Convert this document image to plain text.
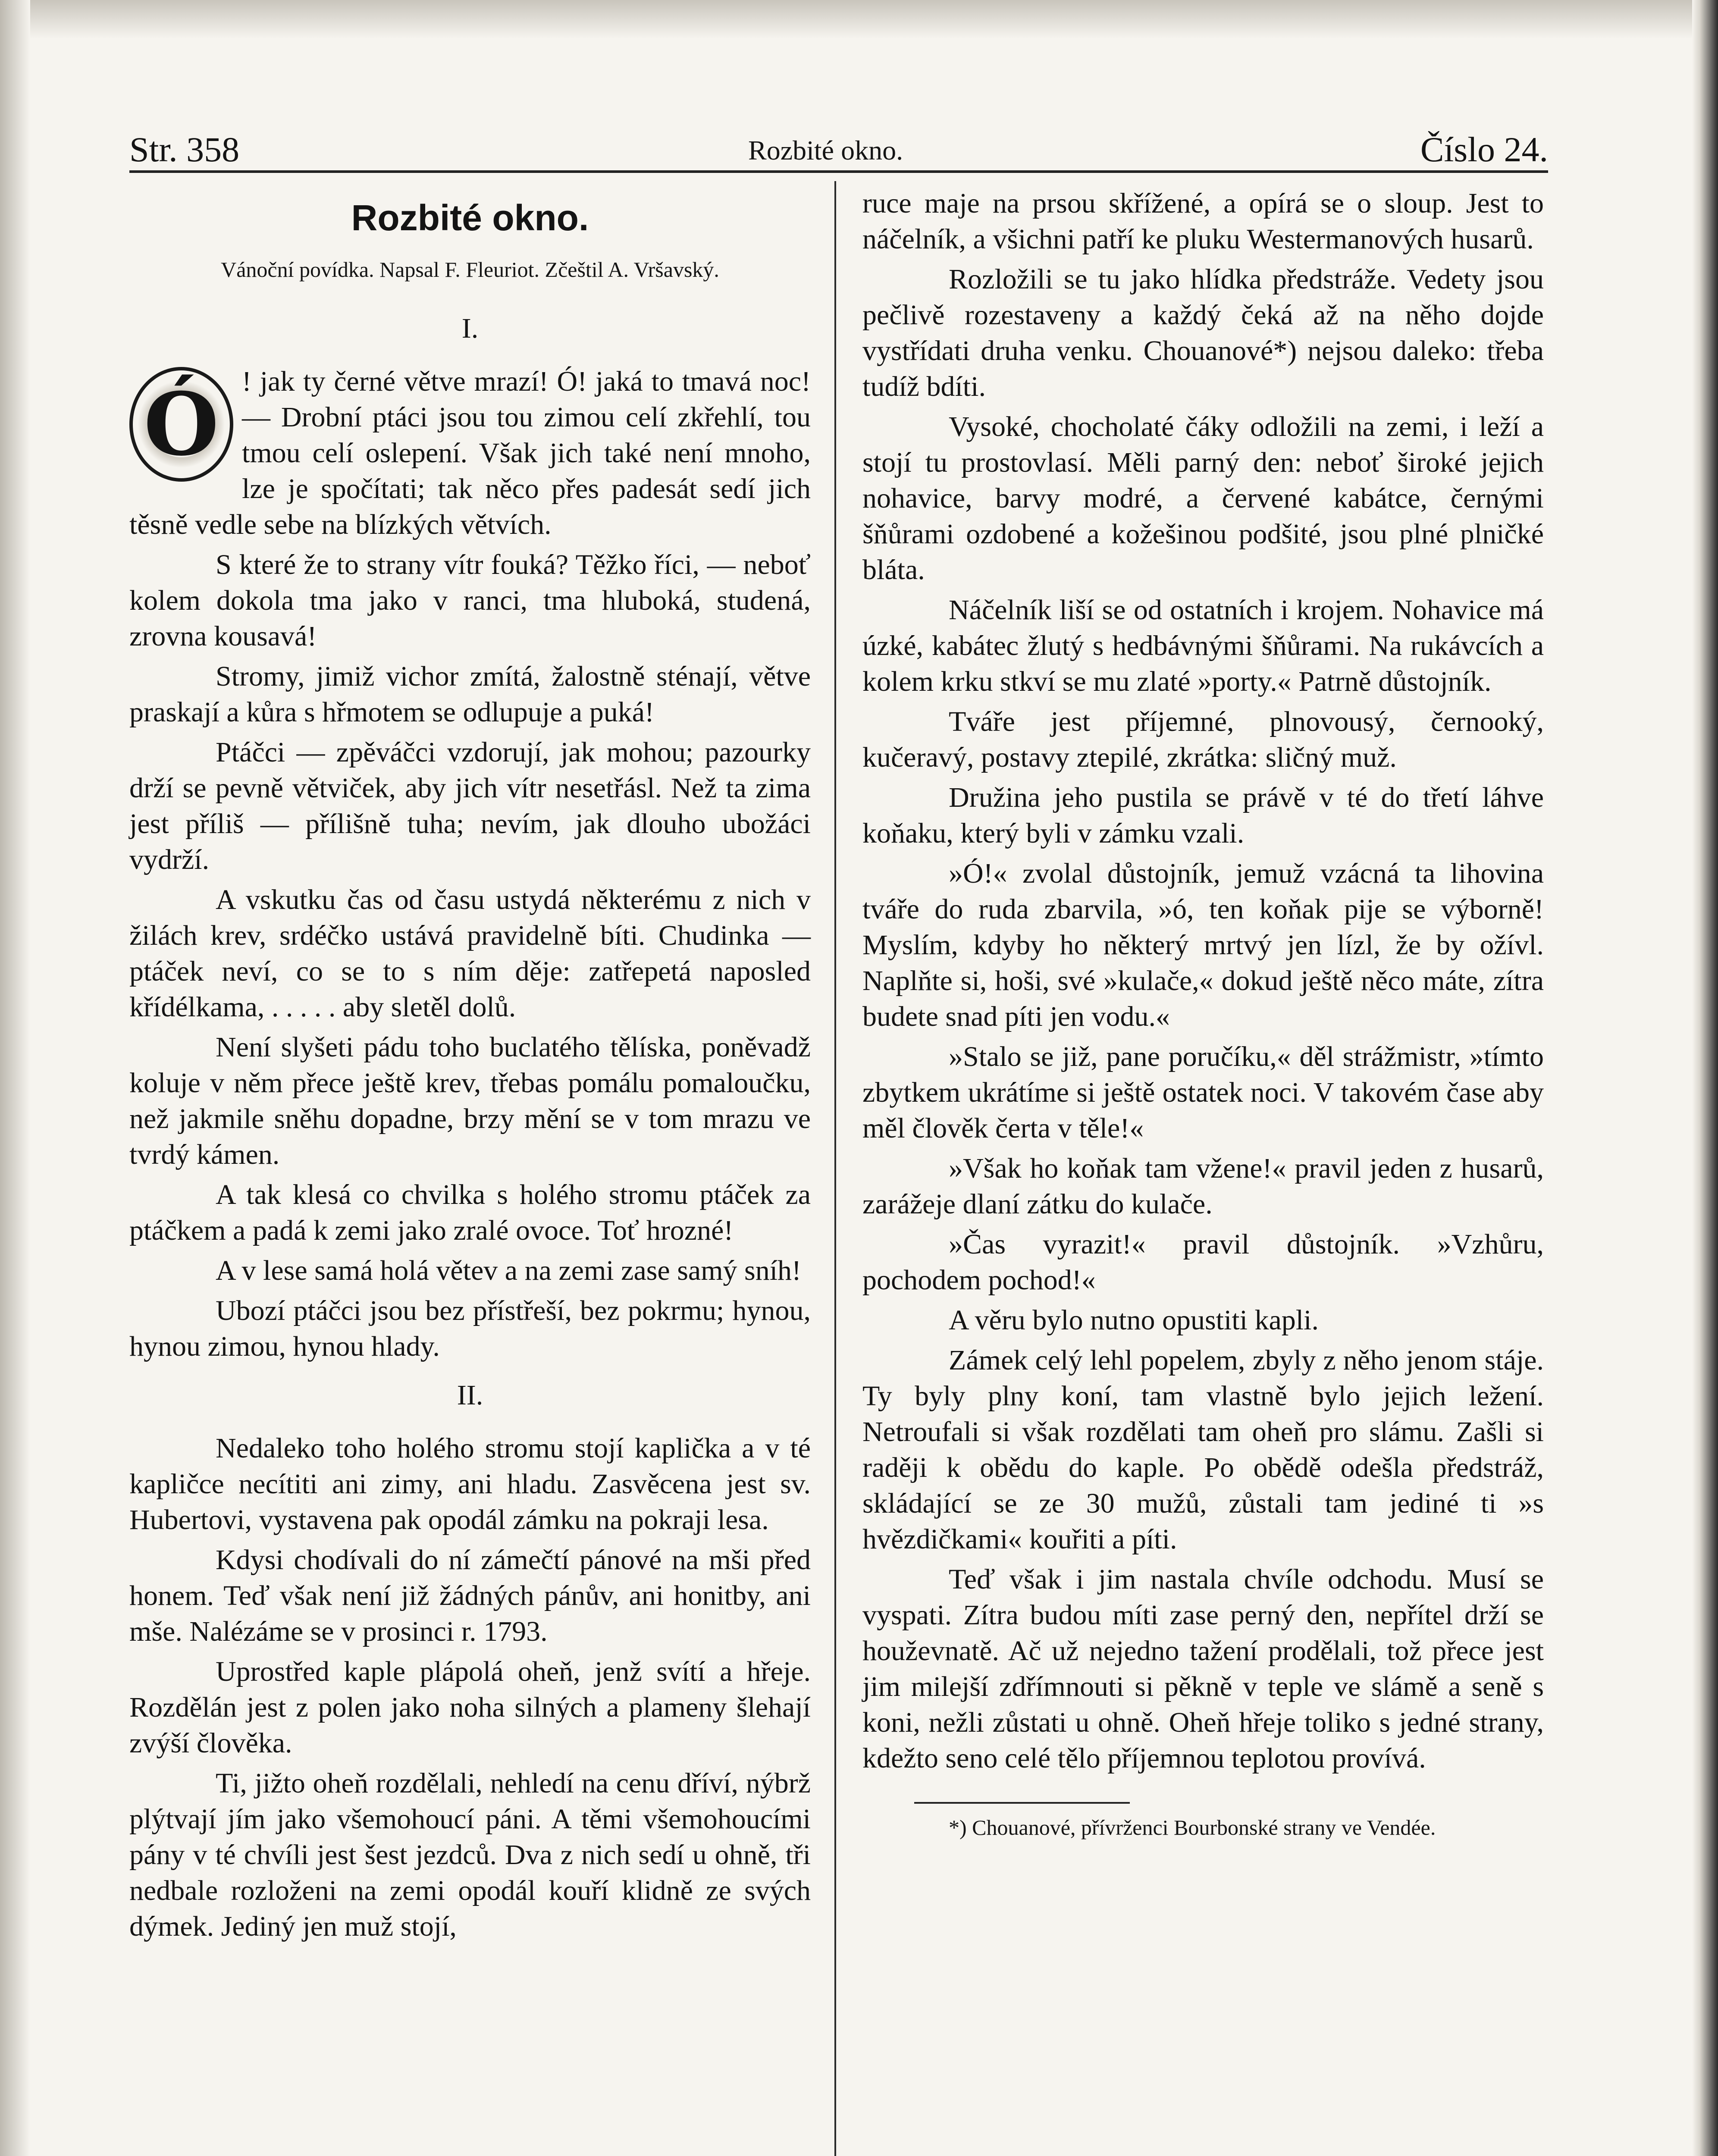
Str. 358	Rozbité okno.	Číslo 24.
Rozbité okno.
Vánoční povídka. Napsal F. Fleuriot. Zčeštil A. Vršavský.
I.

Ó ! jak ty černé větve mrazí! Ó! jaká to tmavá noc! — Drobní ptáci jsou tou zimou celí zkřehlí, tou tmou celí oslepení. Však jich také není mnoho, lze je spočítati; tak něco přes padesát sedí jich těsně vedle sebe na blízkých větvích.

S které že to strany vítr fouká? Těžko říci, — neboť kolem dokola tma jako v ranci, tma hluboká, studená, zrovna kousavá!

Stromy, jimiž vichor zmítá, žalostně sténají, větve praskají a kůra s hřmotem se odlupuje a puká!

Ptáčci — zpěváčci vzdorují, jak mohou; pazourky drží se pevně větviček, aby jich vítr nesetřásl. Než ta zima jest příliš — přílišně tuha; nevím, jak dlouho ubožáci vydrží.

A vskutku čas od času ustydá některému z nich v žilách krev, srdéčko ustává pravidelně bíti. Chudinka — ptáček neví, co se to s ním děje: zatřepetá naposled křídélkama, . . . . . aby sletěl dolů.

Není slyšeti pádu toho buclatého tělíska, poněvadž koluje v něm přece ještě krev, třebas pomálu pomaloučku, než jakmile sněhu dopadne, brzy mění se v tom mrazu ve tvrdý kámen.

A tak klesá co chvilka s holého stromu ptáček za ptáčkem a padá k zemi jako zralé ovoce. Toť hrozné!

A v lese samá holá větev a na zemi zase samý sníh!

Ubozí ptáčci jsou bez přístřeší, bez pokrmu; hynou, hynou zimou, hynou hlady.

II.

Nedaleko toho holého stromu stojí kaplička a v té kapličce necítiti ani zimy, ani hladu. Zasvěcena jest sv. Hubertovi, vystavena pak opodál zámku na pokraji lesa.

Kdysi chodívali do ní zámečtí pánové na mši před honem. Teď však není již žádných pánův, ani honitby, ani mše. Nalézáme se v prosinci r. 1793.

Uprostřed kaple plápolá oheň, jenž svítí a hřeje. Rozdělán jest z polen jako noha silných a plameny šlehají zvýší člověka.

Ti, jižto oheň rozdělali, nehledí na cenu dříví, nýbrž plýtvají jím jako všemohoucí páni. A těmi všemohoucími pány v té chvíli jest šest jezdců. Dva z nich sedí u ohně, tři nedbale rozloženi na zemi opodál kouří klidně ze svých dýmek. Jediný jen muž stojí,

ruce maje na prsou skřížené, a opírá se o sloup. Jest to náčelník, a všichni patří ke pluku Westermanových husarů.

Rozložili se tu jako hlídka předstráže. Vedety jsou pečlivě rozestaveny a každý čeká až na něho dojde vystřídati druha venku. Chouanové*) nejsou daleko: třeba tudíž bdíti.

Vysoké, chocholaté čáky odložili na zemi, i leží a stojí tu prostovlasí. Měli parný den: neboť široké jejich nohavice, barvy modré, a červené kabátce, černými šňůrami ozdobené a kožešinou podšité, jsou plné plničké bláta.

Náčelník liší se od ostatních i krojem. Nohavice má úzké, kabátec žlutý s hedbávnými šňůrami. Na rukávcích a kolem krku stkví se mu zlaté »porty.« Patrně důstojník.

Tváře jest příjemné, plnovousý, černooký, kučeravý, postavy ztepilé, zkrátka: sličný muž.

Družina jeho pustila se právě v té do třetí láhve koňaku, který byli v zámku vzali.

»Ó!« zvolal důstojník, jemuž vzácná ta lihovina tváře do ruda zbarvila, »ó, ten koňak pije se výborně! Myslím, kdyby ho některý mrtvý jen lízl, že by ožívl. Naplňte si, hoši, své »kulače,« dokud ještě něco máte, zítra budete snad píti jen vodu.«

»Stalo se již, pane poručíku,« děl strážmistr, »tímto zbytkem ukrátíme si ještě ostatek noci. V takovém čase aby měl člověk čerta v těle!«

»Však ho koňak tam vžene!« pravil jeden z husarů, zarážeje dlaní zátku do kulače.

»Čas vyrazit!« pravil důstojník. »Vzhůru, pochodem pochod!«

A věru bylo nutno opustiti kapli.

Zámek celý lehl popelem, zbyly z něho jenom stáje. Ty byly plny koní, tam vlastně bylo jejich ležení. Netroufali si však rozdělati tam oheň pro slámu. Zašli si raději k obědu do kaple. Po obědě odešla předstráž, skládající se ze 30 mužů, zůstali tam jediné ti »s hvězdičkami« kouřiti a píti.

Teď však i jim nastala chvíle odchodu. Musí se vyspati. Zítra budou míti zase perný den, nepřítel drží se houževnatě. Ač už nejedno tažení prodělali, tož přece jest jim milejší zdřímnouti si pěkně v teple ve slámě a seně s koni, nežli zůstati u ohně. Oheň hřeje toliko s jedné strany, kdežto seno celé tělo příjemnou teplotou provívá.

*) Chouanové, přívrženci Bourbonské strany ve Vendée.
